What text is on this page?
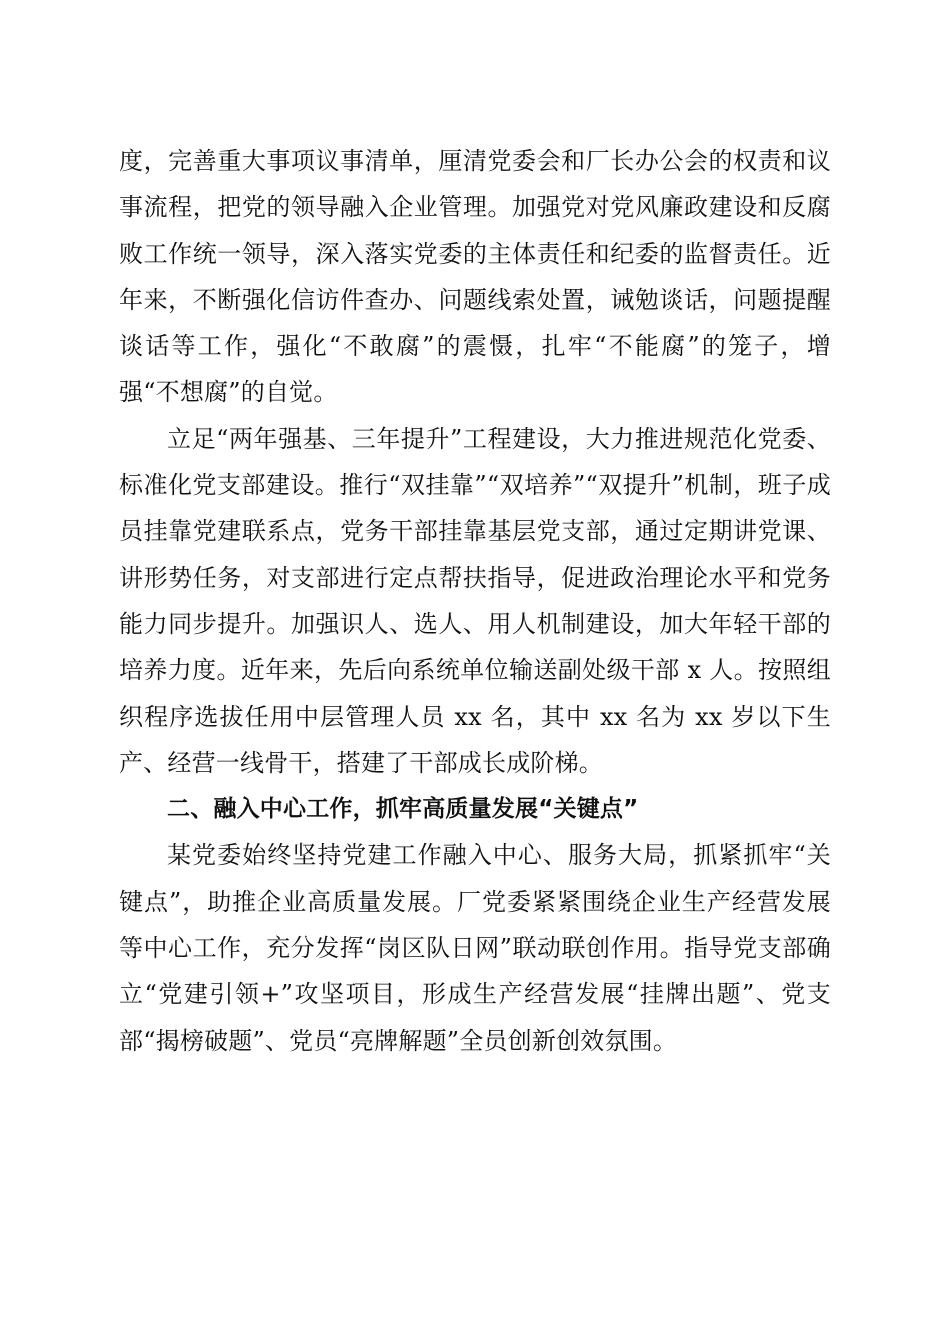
度，完善重大事项议事清单，厘清党委会和厂长办公会的权责和议事流程，把党的领导融入企业管理。加强党对党风廉政建设和反腐败工作统一领导，深入落实党委的主体责任和纪委的监督责任。近年来，不断强化信访件查办、问题线索处置，诫勉谈话，问题提醒谈话等工作，强化“不敢腐”的震慑，扎牢“不能腐”的笼子，增强“不想腐”的自觉。

立足“两年强基、三年提升”工程建设，大力推进规范化党委、标准化党支部建设。推行“双挂靠”“双培养”“双提升”机制，班子成员挂靠党建联系点，党务干部挂靠基层党支部，通过定期讲党课、讲形势任务，对支部进行定点帮扶指导，促进政治理论水平和党务能力同步提升。加强识人、选人、用人机制建设，加大年轻干部的培养力度。近年来，先后向系统单位输送副处级干部 x 人。按照组织程序选拔任用中层管理人员 xx 名，其中 xx 名为 xx 岁以下生产、经营一线骨干，搭建了干部成长成阶梯。

二、融入中心工作，抓牢高质量发展“关键点”

某党委始终坚持党建工作融入中心、服务大局，抓紧抓牢“关键点”，助推企业高质量发展。厂党委紧紧围绕企业生产经营发展等中心工作，充分发挥“岗区队日网”联动联创作用。指导党支部确立“党建引领+”攻坚项目，形成生产经营发展“挂牌出题”、党支部“揭榜破题”、党员“亮牌解题”全员创新创效氛围。
